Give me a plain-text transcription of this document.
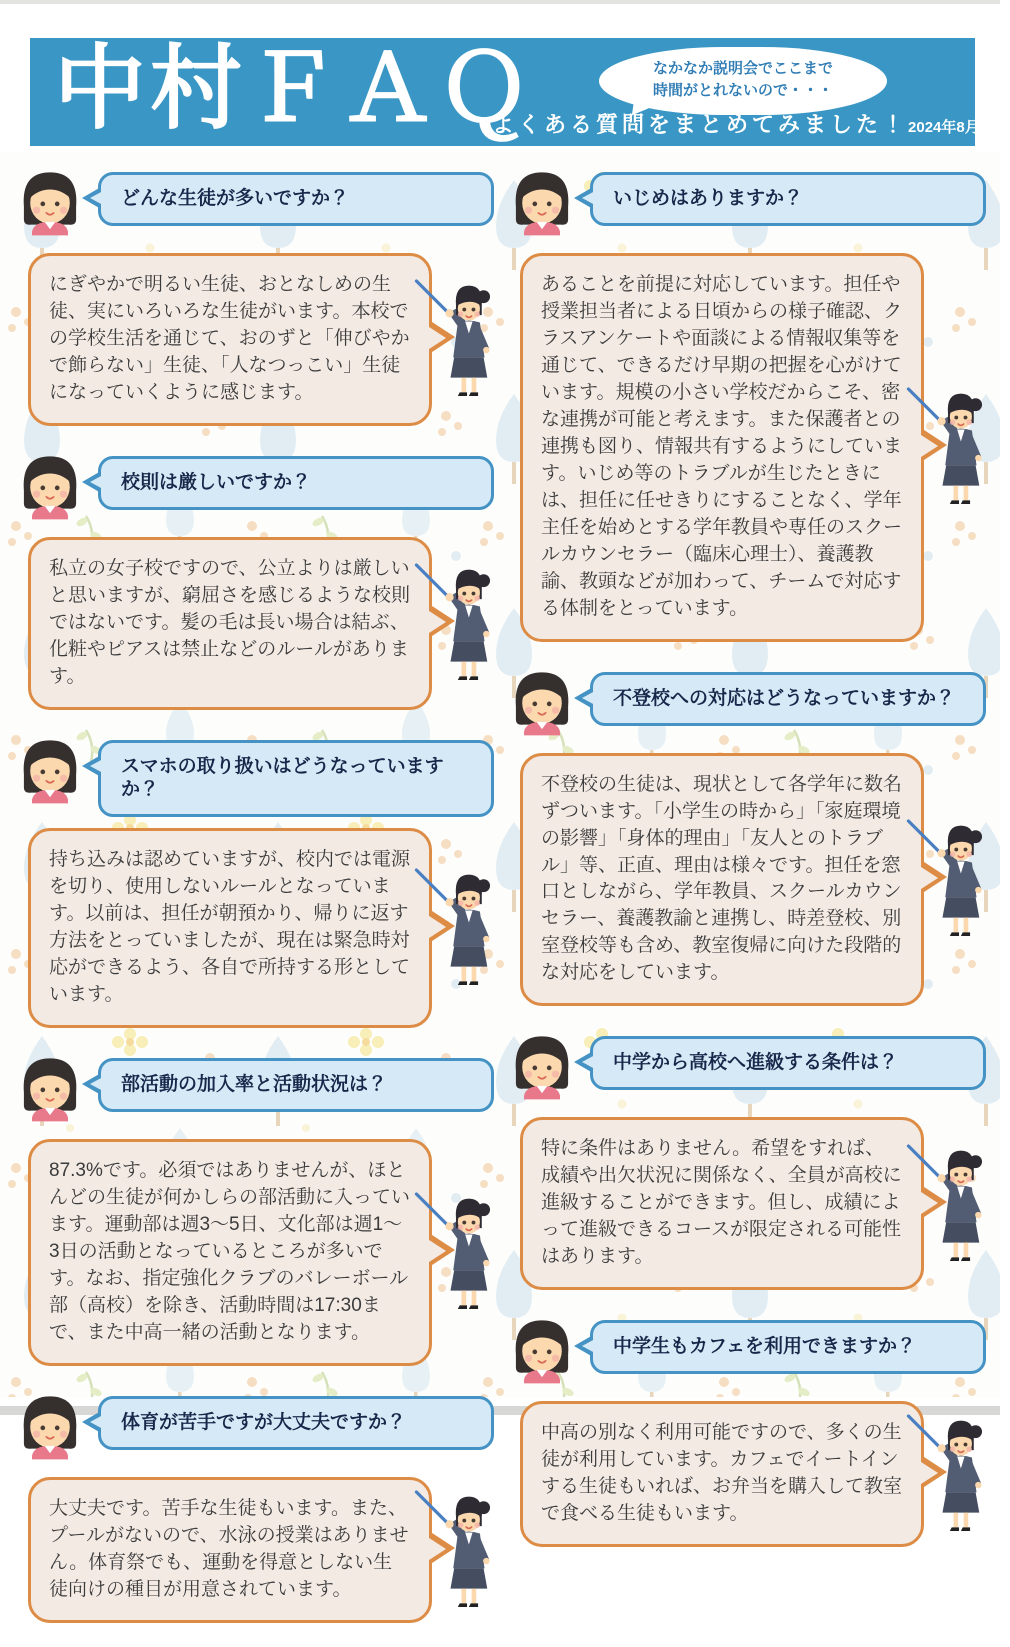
中村ＦＡＱ	なかなか説明会でここまで
時間がとれないので・・・
よくある質問をまとめてみました！ 2024年8月現在
どんな生徒が多いですか？
にぎやかで明るい生徒、おとなしめの生徒、実にいろいろな生徒がいます。本校での学校生活を通じて、おのずと「伸びやかで飾らない」生徒、「人なつっこい」生徒になっていくように感じます。
校則は厳しいですか？
私立の女子校ですので、公立よりは厳しいと思いますが、窮屈さを感じるような校則ではないです。髪の毛は長い場合は結ぶ、化粧やピアスは禁止などのルールがあります。
スマホの取り扱いはどうなっていますか？
持ち込みは認めていますが、校内では電源を切り、使用しないルールとなっています。以前は、担任が朝預かり、帰りに返す方法をとっていましたが、現在は緊急時対応ができるよう、各自で所持する形としています。
部活動の加入率と活動状況は？
87.3%です。必須ではありませんが、ほとんどの生徒が何かしらの部活動に入っています。運動部は週3～5日、文化部は週1～3日の活動となっているところが多いです。なお、指定強化クラブのバレーボール部（高校）を除き、活動時間は17:30まで、また中高一緒の活動となります。
体育が苦手ですが大丈夫ですか？
大丈夫です。苦手な生徒もいます。また、プールがないので、水泳の授業はありません。体育祭でも、運動を得意としない生徒向けの種目が用意されています。
いじめはありますか？
あることを前提に対応しています。担任や授業担当者による日頃からの様子確認、クラスアンケートや面談による情報収集等を通じて、できるだけ早期の把握を心がけています。規模の小さい学校だからこそ、密な連携が可能と考えます。また保護者との連携も図り、情報共有するようにしています。いじめ等のトラブルが生じたときには、担任に任せきりにすることなく、学年主任を始めとする学年教員や専任のスクールカウンセラー（臨床心理士）、養護教諭、教頭などが加わって、チームで対応する体制をとっています。
不登校への対応はどうなっていますか？
不登校の生徒は、現状として各学年に数名ずついます。「小学生の時から」「家庭環境の影響」「身体的理由」「友人とのトラブル」等、正直、理由は様々です。担任を窓口としながら、学年教員、スクールカウンセラー、養護教諭と連携し、時差登校、別室登校等も含め、教室復帰に向けた段階的な対応をしています。
中学から高校へ進級する条件は？
特に条件はありません。希望をすれば、成績や出欠状況に関係なく、全員が高校に進級することができます。但し、成績によって進級できるコースが限定される可能性はあります。
中学生もカフェを利用できますか？
中高の別なく利用可能ですので、多くの生徒が利用しています。カフェでイートインする生徒もいれば、お弁当を購入して教室で食べる生徒もいます。
